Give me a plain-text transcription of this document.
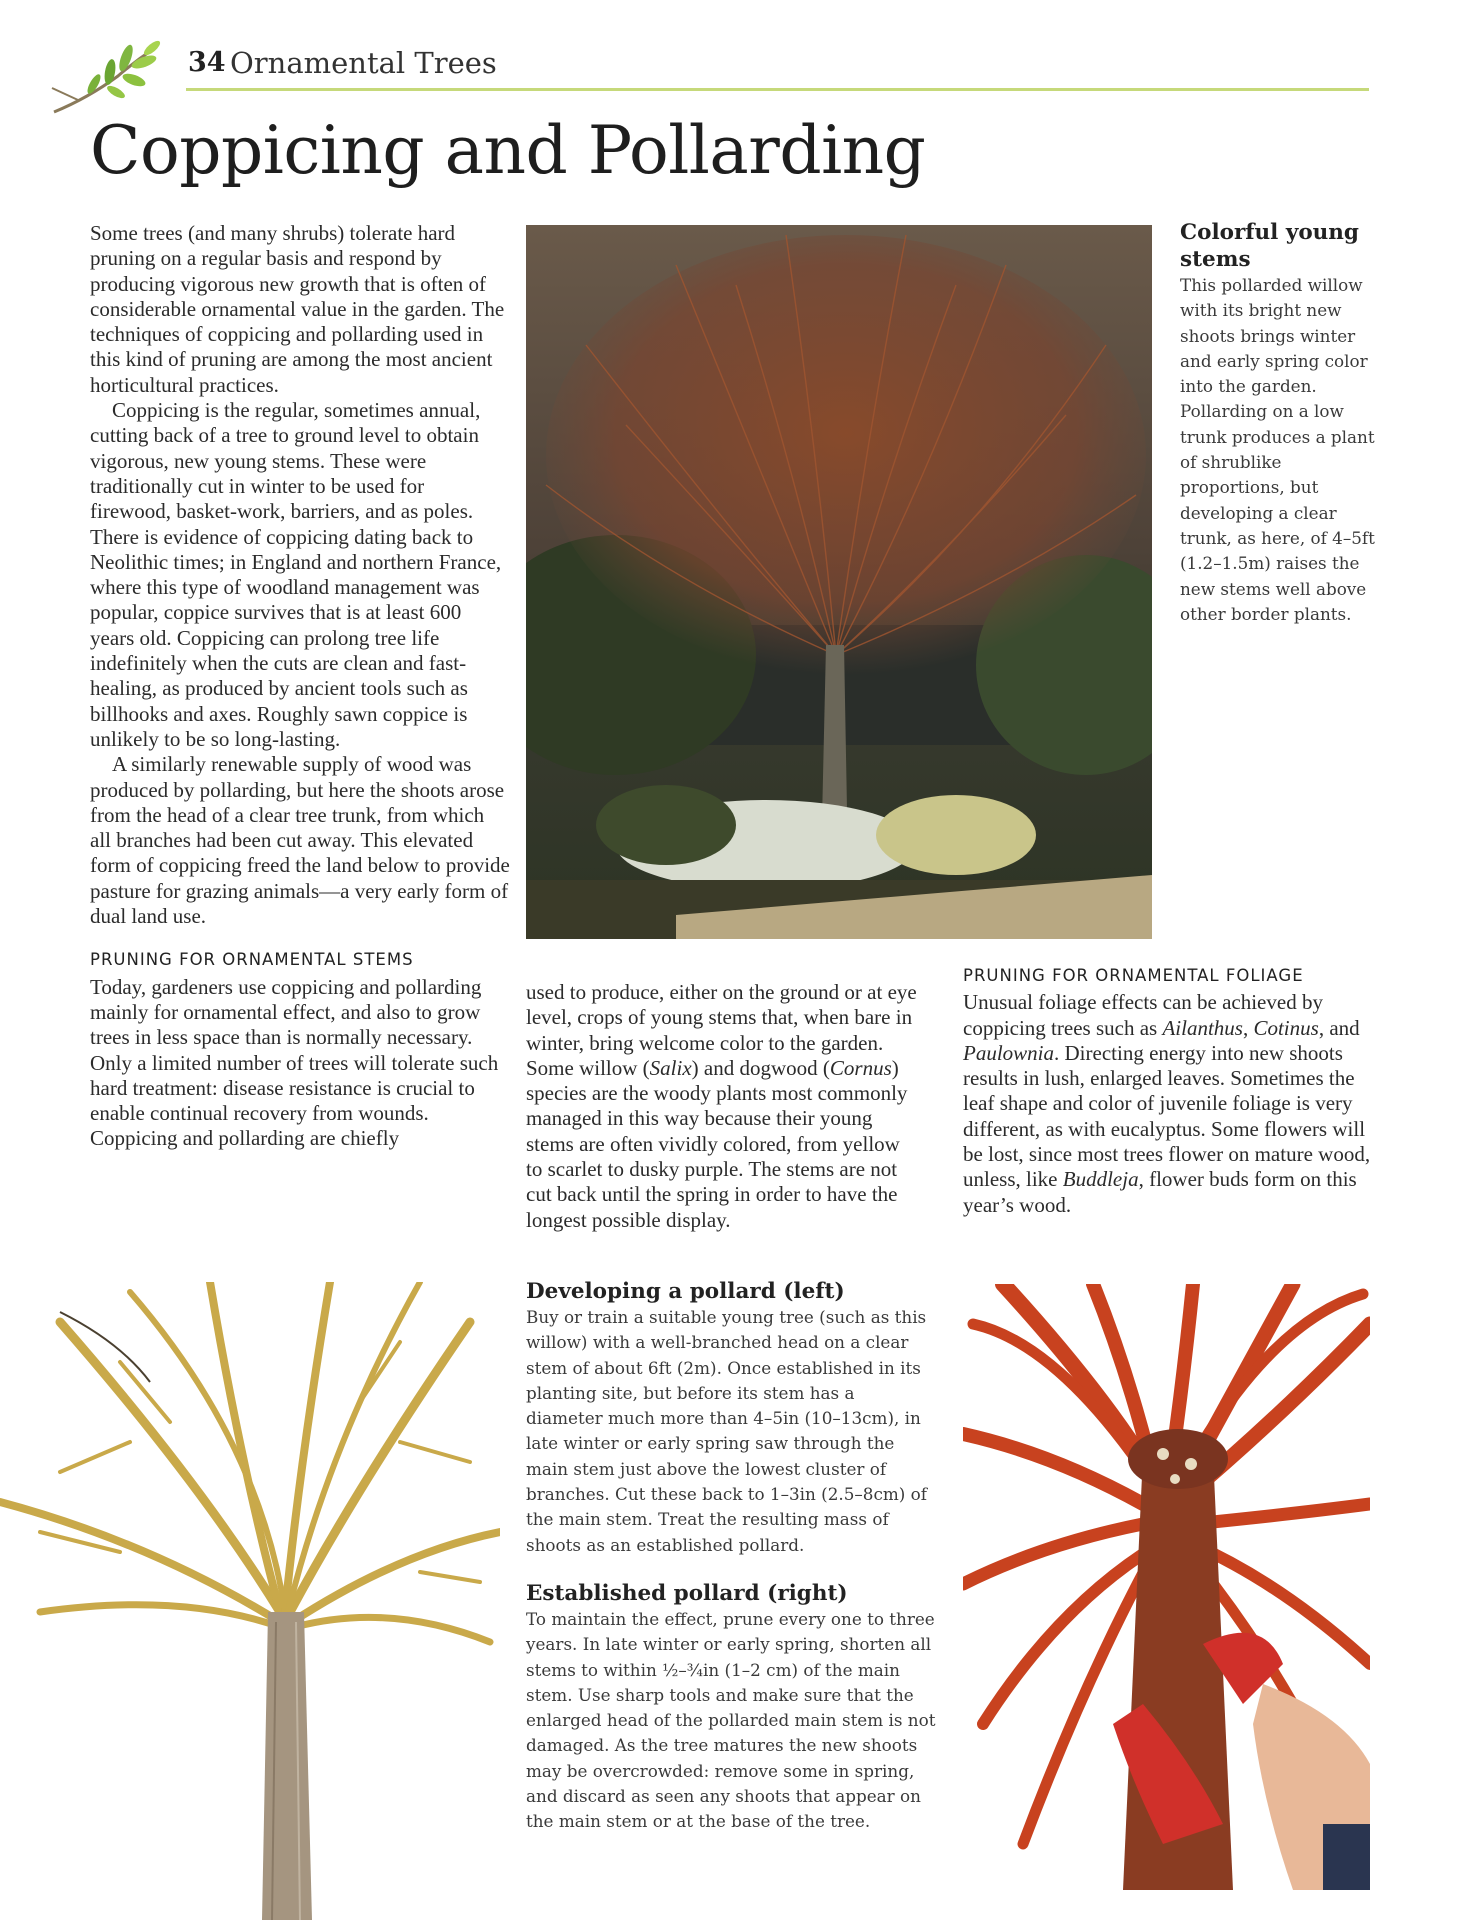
34 Ornamental Trees
Coppicing and Pollarding

Some trees (and many shrubs) tolerate hard pruning on a regular basis and respond by producing vigorous new growth that is often of considerable ornamental value in the garden. The techniques of coppicing and pollarding used in this kind of pruning are among the most ancient horticultural practices.

Coppicing is the regular, sometimes annual, cutting back of a tree to ground level to obtain vigorous, new young stems. These were traditionally cut in winter to be used for firewood, basket-work, barriers, and as poles. There is evidence of coppicing dating back to Neolithic times; in England and northern France, where this type of woodland management was popular, coppice survives that is at least 600 years old. Coppicing can prolong tree life indefinitely when the cuts are clean and fast-healing, as produced by ancient tools such as billhooks and axes. Roughly sawn coppice is unlikely to be so long-lasting.

A similarly renewable supply of wood was produced by pollarding, but here the shoots arose from the head of a clear tree trunk, from which all branches had been cut away. This elevated form of coppicing freed the land below to provide pasture for grazing animals—a very early form of dual land use.

PRUNING FOR ORNAMENTAL STEMS

Today, gardeners use coppicing and pollarding mainly for ornamental effect, and also to grow trees in less space than is normally necessary. Only a limited number of trees will tolerate such hard treatment: disease resistance is crucial to enable continual recovery from wounds. Coppicing and pollarding are chiefly

Colorful young stems
This pollarded willow with its bright new shoots brings winter and early spring color into the garden. Pollarding on a low trunk produces a plant of shrublike proportions, but developing a clear trunk, as here, of 4–5ft (1.2–1.5m) raises the new stems well above other border plants.

used to produce, either on the ground or at eye level, crops of young stems that, when bare in winter, bring welcome color to the garden. Some willow (Salix) and dogwood (Cornus) species are the woody plants most commonly managed in this way because their young stems are often vividly colored, from yellow to scarlet to dusky purple. The stems are not cut back until the spring in order to have the longest possible display.

PRUNING FOR ORNAMENTAL FOLIAGE

Unusual foliage effects can be achieved by coppicing trees such as Ailanthus, Cotinus, and Paulownia. Directing energy into new shoots results in lush, enlarged leaves. Sometimes the leaf shape and color of juvenile foliage is very different, as with eucalyptus. Some flowers will be lost, since most trees flower on mature wood, unless, like Buddleja, flower buds form on this year’s wood.

Developing a pollard (left)
Buy or train a suitable young tree (such as this willow) with a well-branched head on a clear stem of about 6ft (2m). Once established in its planting site, but before its stem has a diameter much more than 4–5in (10–13cm), in late winter or early spring saw through the main stem just above the lowest cluster of branches. Cut these back to 1–3in (2.5–8cm) of the main stem. Treat the resulting mass of shoots as an established pollard.
Established pollard (right)
To maintain the effect, prune every one to three years. In late winter or early spring, shorten all stems to within ½–¾in (1–2 cm) of the main stem. Use sharp tools and make sure that the enlarged head of the pollarded main stem is not damaged. As the tree matures the new shoots may be overcrowded: remove some in spring, and discard as seen any shoots that appear on the main stem or at the base of the tree.
